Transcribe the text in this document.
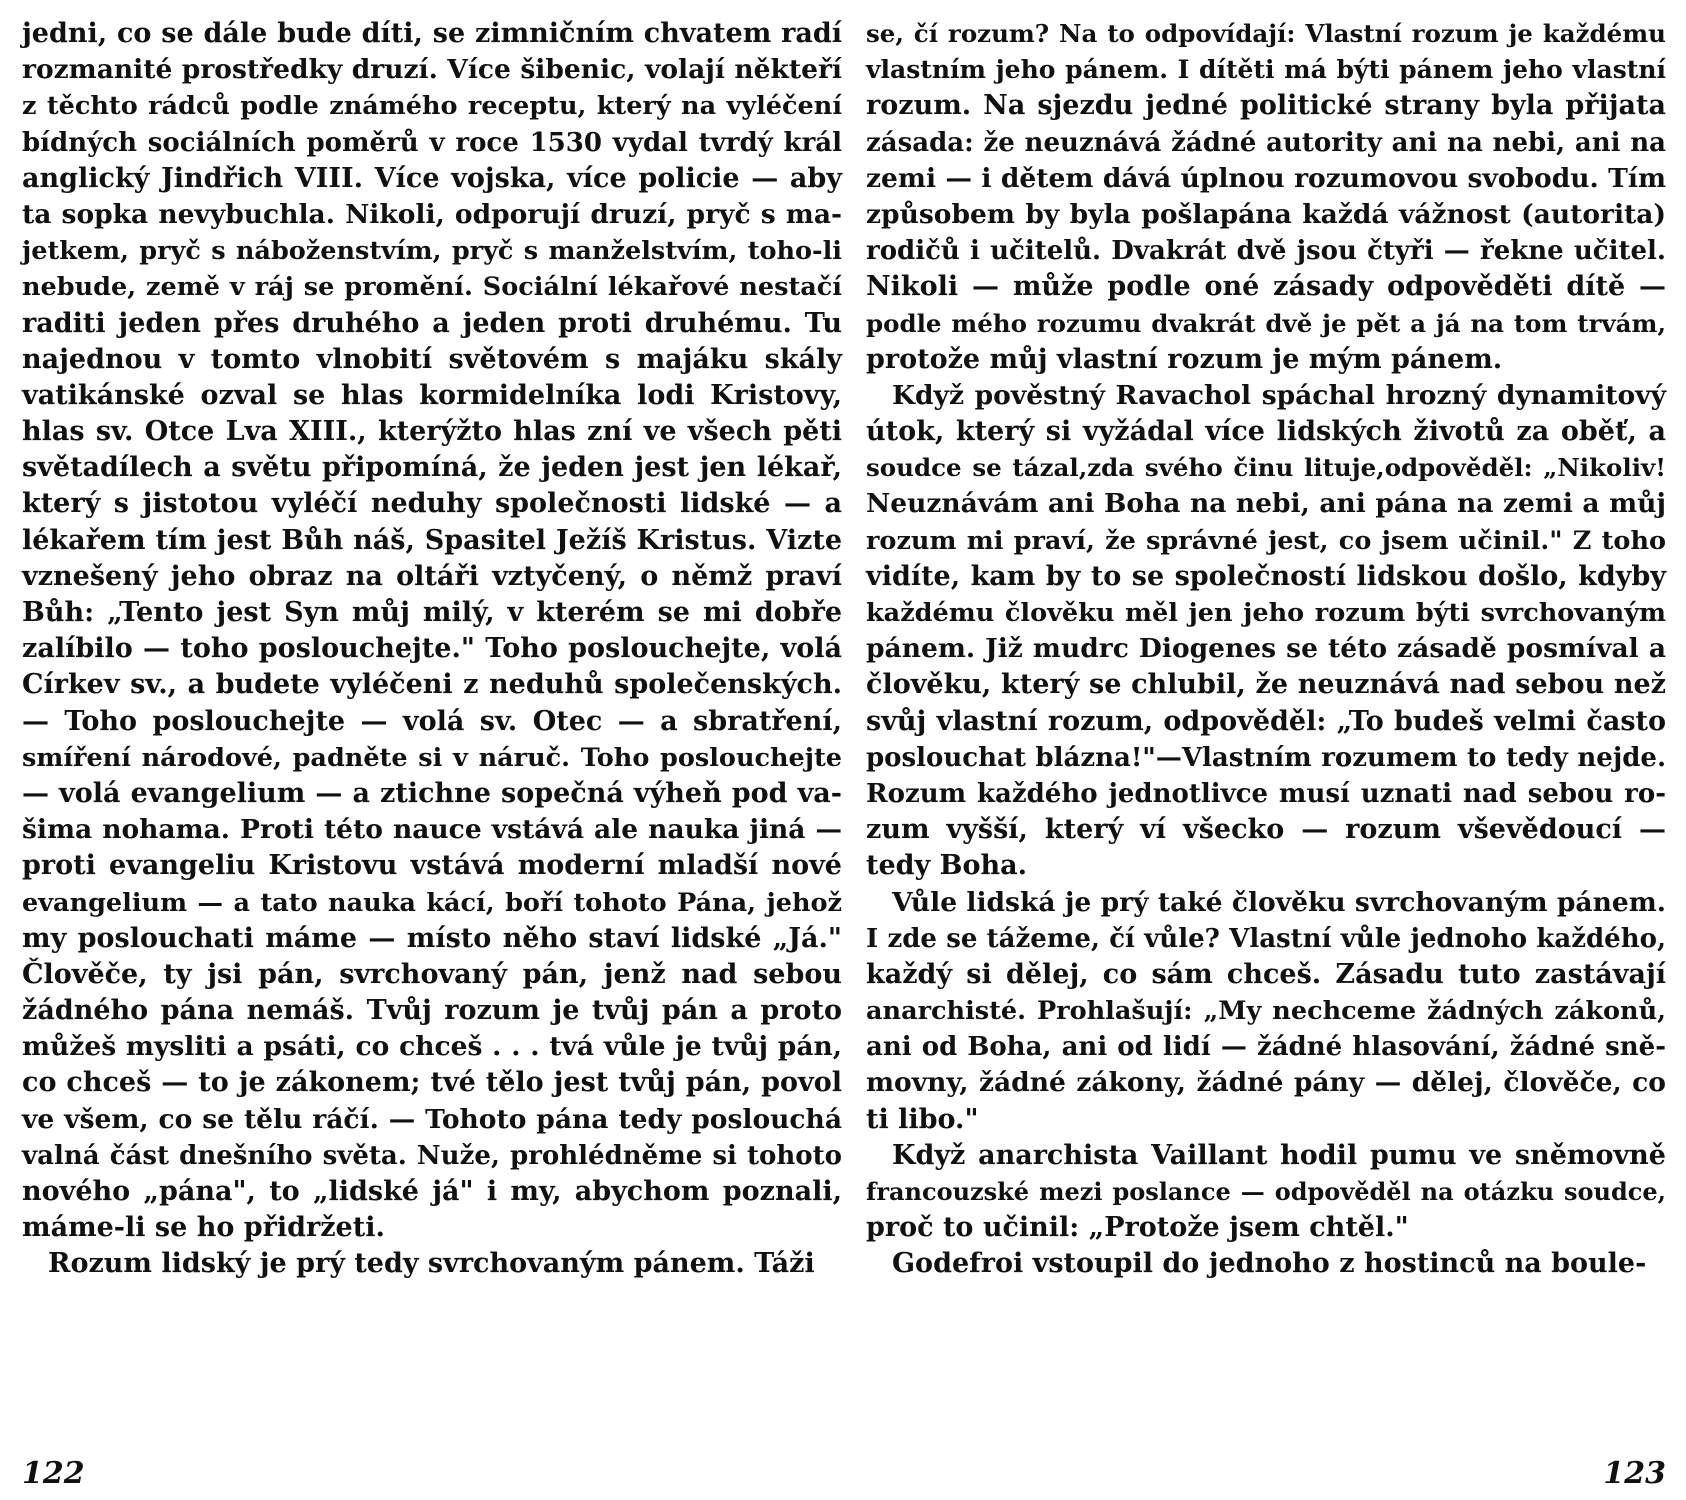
jedni, co se dále bude díti, se zimničním chvatem radí
rozmanité prostředky druzí. Více šibenic, volají někteří
z těchto rádců podle známého receptu, který na vyléčení
bídných sociálních poměrů v roce 1530 vydal tvrdý král
anglický Jindřich VIII. Více vojska, více policie — aby
ta sopka nevybuchla. Nikoli, odporují druzí, pryč s ma-
jetkem, pryč s náboženstvím, pryč s manželstvím, toho-li
nebude, země v ráj se promění. Sociální lékařové nestačí
raditi jeden přes druhého a jeden proti druhému. Tu
najednou v tomto vlnobití světovém s majáku skály
vatikánské ozval se hlas kormidelníka lodi Kristovy,
hlas sv. Otce Lva XIII., kterýžto hlas zní ve všech pěti
světadílech a světu připomíná, že jeden jest jen lékař,
který s jistotou vyléčí neduhy společnosti lidské — a
lékařem tím jest Bůh náš, Spasitel Ježíš Kristus. Vizte
vznešený jeho obraz na oltáři vztyčený, o němž praví
Bůh: „Tento jest Syn můj milý, v kterém se mi dobře
zalíbilo — toho poslouchejte." Toho poslouchejte, volá
Církev sv., a budete vyléčeni z neduhů společenských.
— Toho poslouchejte — volá sv. Otec — a sbratření,
smíření národové, padněte si v náruč. Toho poslouchejte
— volá evangelium — a ztichne sopečná výheň pod va-
šima nohama. Proti této nauce vstává ale nauka jiná —
proti evangeliu Kristovu vstává moderní mladší nové
evangelium — a tato nauka kácí, boří tohoto Pána, jehož
my poslouchati máme — místo něho staví lidské „Já."
Člověče, ty jsi pán, svrchovaný pán, jenž nad sebou
žádného pána nemáš. Tvůj rozum je tvůj pán a proto
můžeš mysliti a psáti, co chceš . . . tvá vůle je tvůj pán,
co chceš — to je zákonem; tvé tělo jest tvůj pán, povol
ve všem, co se tělu ráčí. — Tohoto pána tedy poslouchá
valná část dnešního světa. Nuže, prohlédněme si tohoto
nového „pána", to „lidské já" i my, abychom poznali,
máme-li se ho přidržeti.
Rozum lidský je prý tedy svrchovaným pánem. Táži
122
se, čí rozum? Na to odpovídají: Vlastní rozum je každému
vlastním jeho pánem. I dítěti má býti pánem jeho vlastní
rozum. Na sjezdu jedné politické strany byla přijata
zásada: že neuznává žádné autority ani na nebi, ani na
zemi — i dětem dává úplnou rozumovou svobodu. Tím
způsobem by byla pošlapána každá vážnost (autorita)
rodičů i učitelů. Dvakrát dvě jsou čtyři — řekne učitel.
Nikoli — může podle oné zásady odpověděti dítě —
podle mého rozumu dvakrát dvě je pět a já na tom trvám,
protože můj vlastní rozum je mým pánem.
Když pověstný Ravachol spáchal hrozný dynamitový
útok, který si vyžádal více lidských životů za oběť, a
soudce se tázal,zda svého činu lituje,odpověděl: „Nikoliv!
Neuznávám ani Boha na nebi, ani pána na zemi a můj
rozum mi praví, že správné jest, co jsem učinil." Z toho
vidíte, kam by to se společností lidskou došlo, kdyby
každému člověku měl jen jeho rozum býti svrchovaným
pánem. Již mudrc Diogenes se této zásadě posmíval a
člověku, který se chlubil, že neuznává nad sebou než
svůj vlastní rozum, odpověděl: „To budeš velmi často
poslouchat blázna!"—Vlastním rozumem to tedy nejde.
Rozum každého jednotlivce musí uznati nad sebou ro-
zum vyšší, který ví všecko — rozum vševědoucí —
tedy Boha.
Vůle lidská je prý také člověku svrchovaným pánem.
I zde se tážeme, čí vůle? Vlastní vůle jednoho každého,
každý si dělej, co sám chceš. Zásadu tuto zastávají
anarchisté. Prohlašují: „My nechceme žádných zákonů,
ani od Boha, ani od lidí — žádné hlasování, žádné sně-
movny, žádné zákony, žádné pány — dělej, člověče, co
ti libo."
Když anarchista Vaillant hodil pumu ve sněmovně
francouzské mezi poslance — odpověděl na otázku soudce,
proč to učinil: „Protože jsem chtěl."
Godefroi vstoupil do jednoho z hostinců na boule-
123
